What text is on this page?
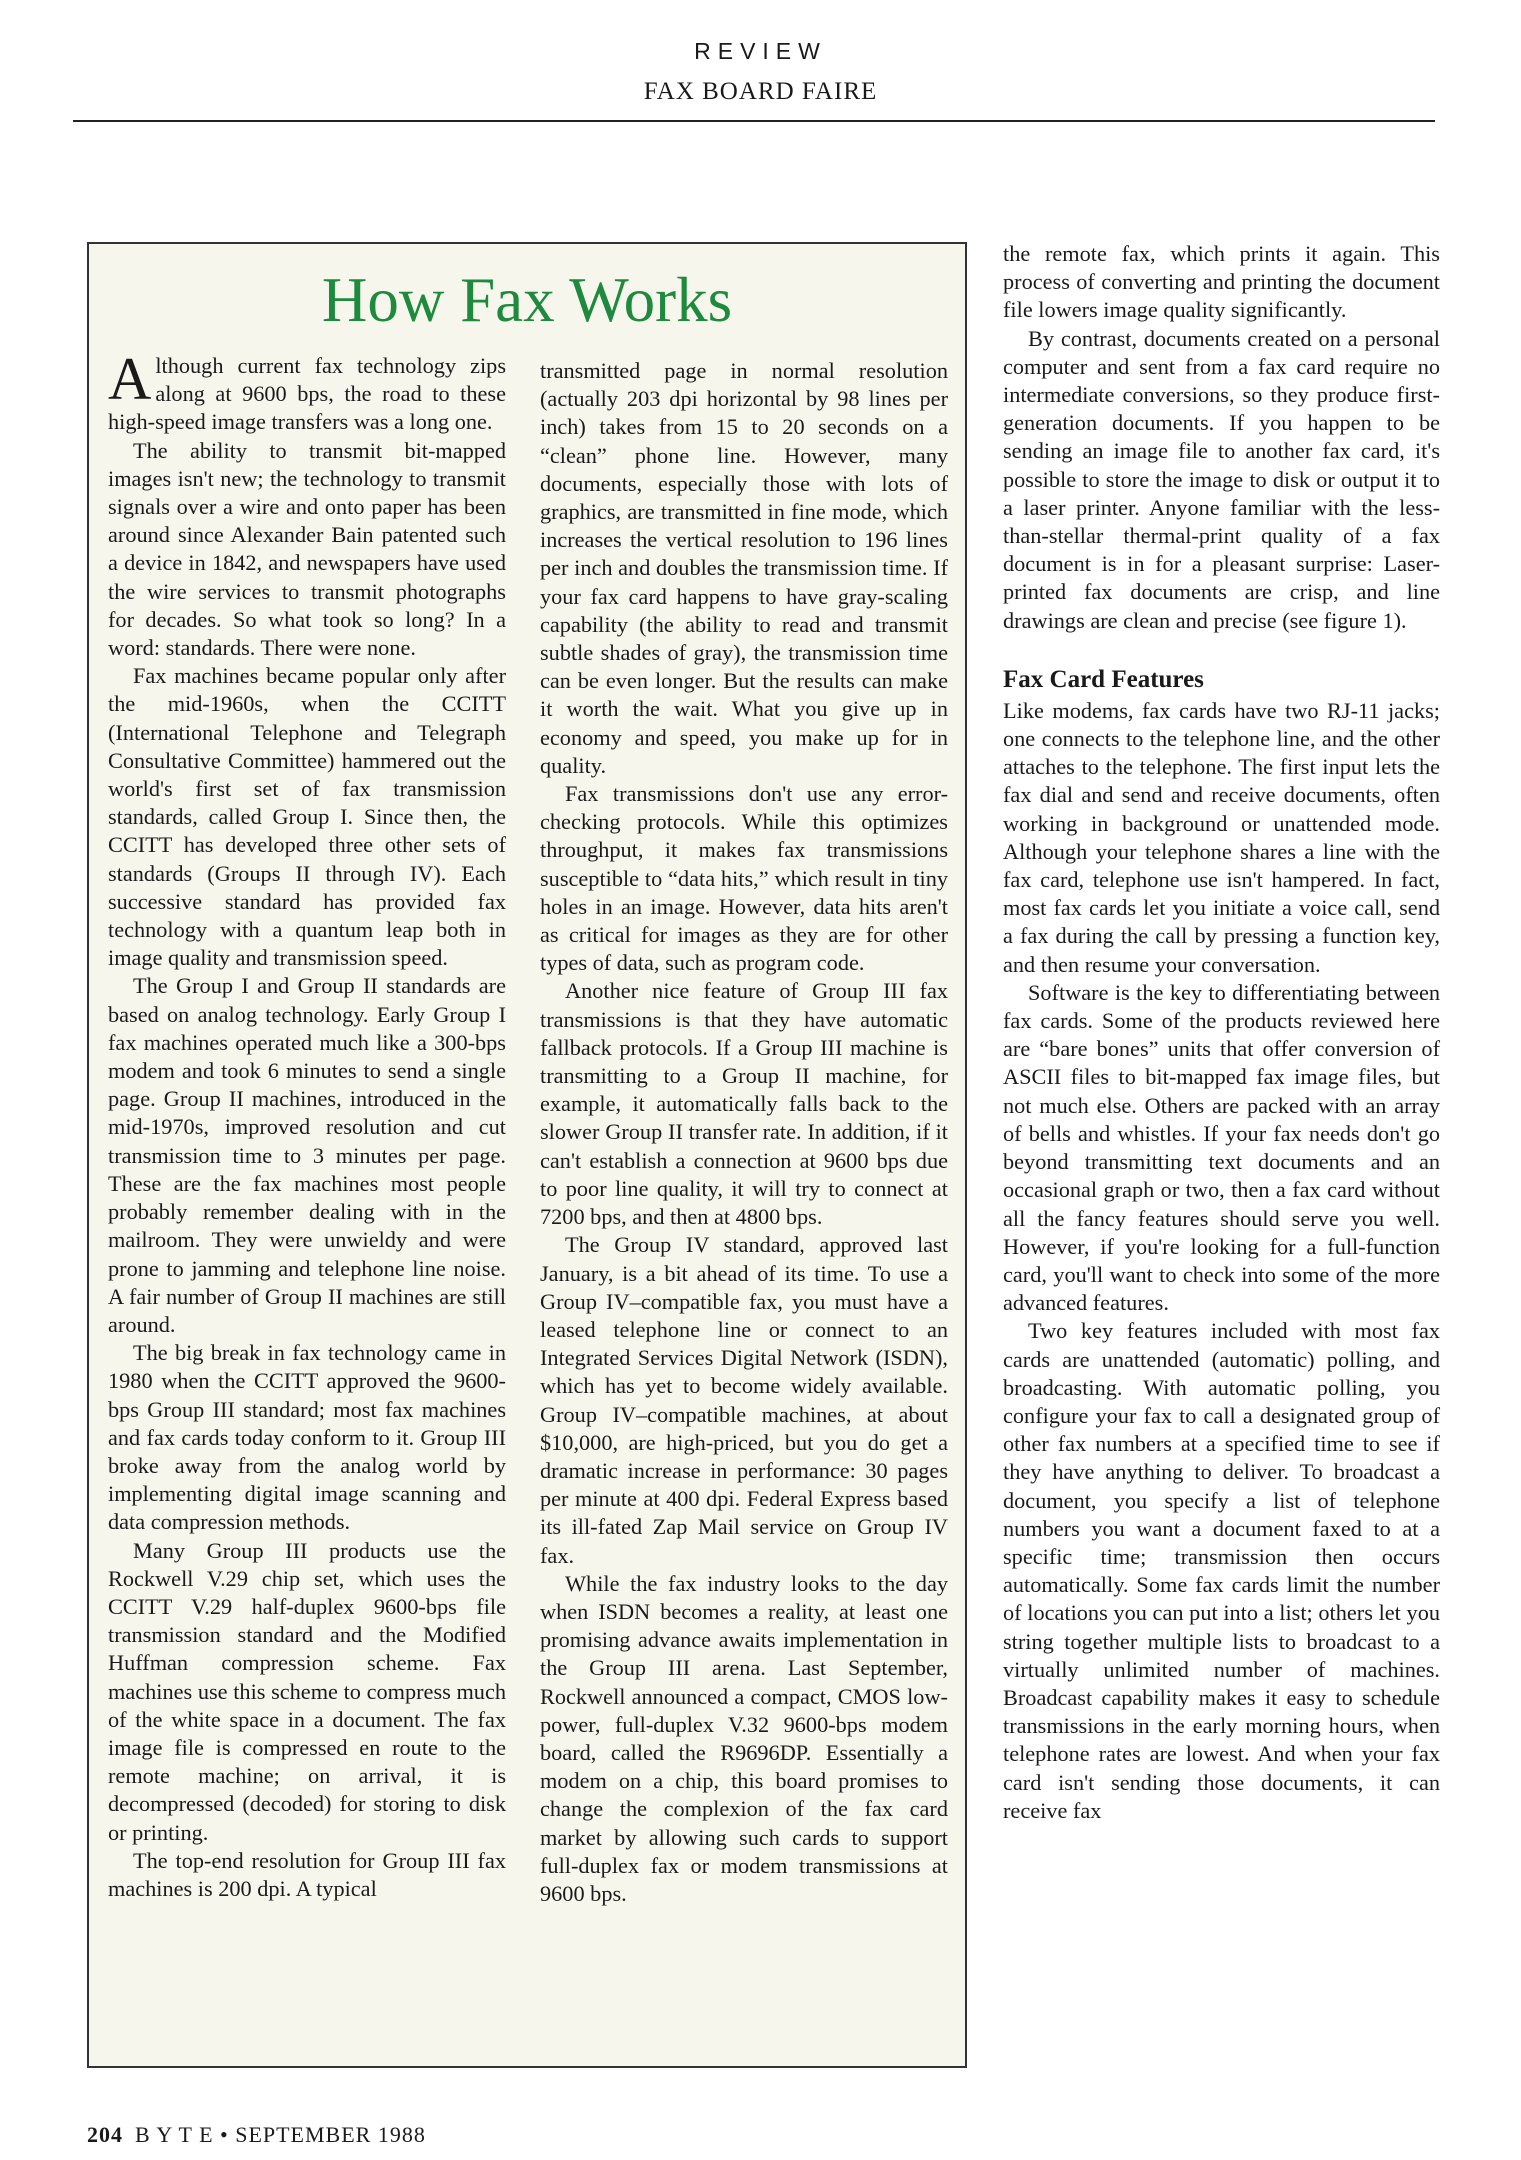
REVIEW

FAX BOARD FAIRE

How Fax Works

Although current fax technology zips along at 9600 bps, the road to these high-speed image transfers was a long one.

The ability to transmit bit-mapped images isn't new; the technology to transmit signals over a wire and onto paper has been around since Alexander Bain patented such a device in 1842, and newspapers have used the wire services to transmit photographs for decades. So what took so long? In a word: standards. There were none.

Fax machines became popular only after the mid-1960s, when the CCITT (International Telephone and Telegraph Consultative Committee) hammered out the world's first set of fax transmission standards, called Group I. Since then, the CCITT has developed three other sets of standards (Groups II through IV). Each successive standard has provided fax technology with a quantum leap both in image quality and transmission speed.

The Group I and Group II standards are based on analog technology. Early Group I fax machines operated much like a 300-bps modem and took 6 minutes to send a single page. Group II machines, introduced in the mid-1970s, improved resolution and cut transmission time to 3 minutes per page. These are the fax machines most people probably remember dealing with in the mailroom. They were unwieldy and were prone to jamming and telephone line noise. A fair number of Group II machines are still around.

The big break in fax technology came in 1980 when the CCITT approved the 9600-bps Group III standard; most fax machines and fax cards today conform to it. Group III broke away from the analog world by implementing digital image scanning and data compression methods.

Many Group III products use the Rockwell V.29 chip set, which uses the CCITT V.29 half-duplex 9600-bps file transmission standard and the Modified Huffman compression scheme. Fax machines use this scheme to compress much of the white space in a document. The fax image file is compressed en route to the remote machine; on arrival, it is decompressed (decoded) for storing to disk or printing.

The top-end resolution for Group III fax machines is 200 dpi. A typical

transmitted page in normal resolution (actually 203 dpi horizontal by 98 lines per inch) takes from 15 to 20 seconds on a “clean” phone line. However, many documents, especially those with lots of graphics, are transmitted in fine mode, which increases the vertical resolution to 196 lines per inch and doubles the transmission time. If your fax card happens to have gray-scaling capability (the ability to read and transmit subtle shades of gray), the transmission time can be even longer. But the results can make it worth the wait. What you give up in economy and speed, you make up for in quality.

Fax transmissions don't use any error-checking protocols. While this optimizes throughput, it makes fax transmissions susceptible to “data hits,” which result in tiny holes in an image. However, data hits aren't as critical for images as they are for other types of data, such as program code.

Another nice feature of Group III fax transmissions is that they have automatic fallback protocols. If a Group III machine is transmitting to a Group II machine, for example, it automatically falls back to the slower Group II transfer rate. In addition, if it can't establish a connection at 9600 bps due to poor line quality, it will try to connect at 7200 bps, and then at 4800 bps.

The Group IV standard, approved last January, is a bit ahead of its time. To use a Group IV–compatible fax, you must have a leased telephone line or connect to an Integrated Services Digital Network (ISDN), which has yet to become widely available. Group IV–compatible machines, at about $10,000, are high-priced, but you do get a dramatic increase in performance: 30 pages per minute at 400 dpi. Federal Express based its ill-fated Zap Mail service on Group IV fax.

While the fax industry looks to the day when ISDN becomes a reality, at least one promising advance awaits implementation in the Group III arena. Last September, Rockwell announced a compact, CMOS low-power, full-duplex V.32 9600-bps modem board, called the R9696DP. Essentially a modem on a chip, this board promises to change the complexion of the fax card market by allowing such cards to support full-duplex fax or modem transmissions at 9600 bps.

the remote fax, which prints it again. This process of converting and printing the document file lowers image quality significantly.

By contrast, documents created on a personal computer and sent from a fax card require no intermediate conversions, so they produce first-generation documents. If you happen to be sending an image file to another fax card, it's possible to store the image to disk or output it to a laser printer. Anyone familiar with the less-than-stellar thermal-print quality of a fax document is in for a pleasant surprise: Laser-printed fax documents are crisp, and line drawings are clean and precise (see figure 1).

Fax Card Features

Like modems, fax cards have two RJ-11 jacks; one connects to the telephone line, and the other attaches to the telephone. The first input lets the fax dial and send and receive documents, often working in background or unattended mode. Although your telephone shares a line with the fax card, telephone use isn't hampered. In fact, most fax cards let you initiate a voice call, send a fax during the call by pressing a function key, and then resume your conversation.

Software is the key to differentiating between fax cards. Some of the products reviewed here are “bare bones” units that offer conversion of ASCII files to bit-mapped fax image files, but not much else. Others are packed with an array of bells and whistles. If your fax needs don't go beyond transmitting text documents and an occasional graph or two, then a fax card without all the fancy features should serve you well. However, if you're looking for a full-function card, you'll want to check into some of the more advanced features.

Two key features included with most fax cards are unattended (automatic) polling, and broadcasting. With automatic polling, you configure your fax to call a designated group of other fax numbers at a specified time to see if they have anything to deliver. To broadcast a document, you specify a list of telephone numbers you want a document faxed to at a specific time; transmission then occurs automatically. Some fax cards limit the number of locations you can put into a list; others let you string together multiple lists to broadcast to a virtually unlimited number of machines. Broadcast capability makes it easy to schedule transmissions in the early morning hours, when telephone rates are lowest. And when your fax card isn't sending those documents, it can receive fax

204 B Y T E • SEPTEMBER 1988
